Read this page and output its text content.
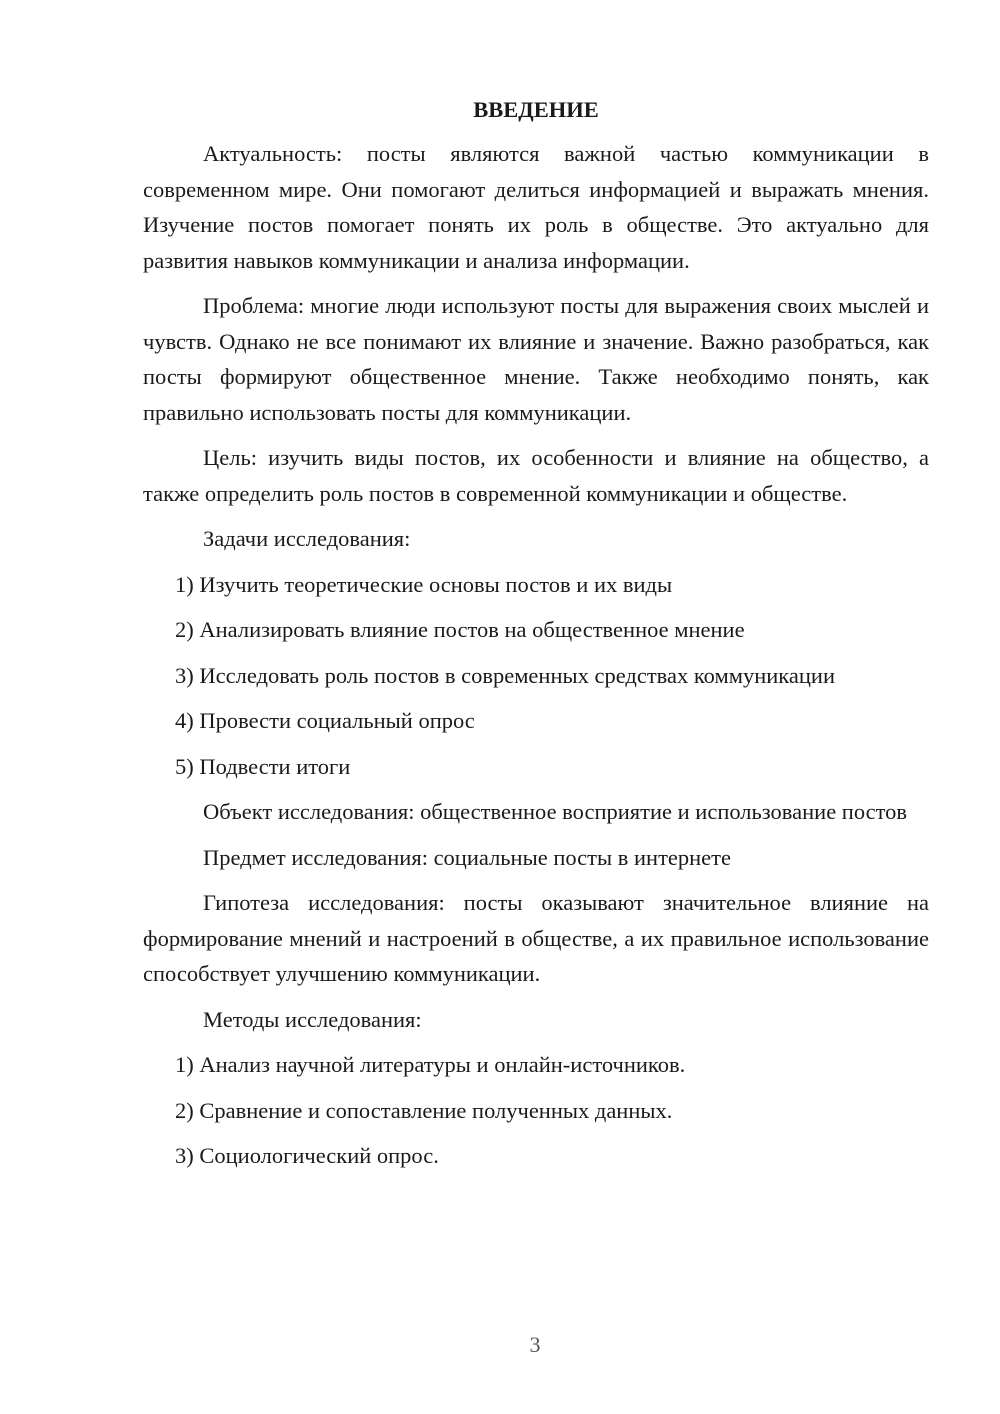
ВВЕДЕНИЕ

Актуальность: посты являются важной частью коммуникации в современном мире. Они помогают делиться информацией и выражать мнения. Изучение постов помогает понять их роль в обществе. Это актуально для развития навыков коммуникации и анализа информации.

Проблема: многие люди используют посты для выражения своих мыслей и чувств. Однако не все понимают их влияние и значение. Важно разобраться, как посты формируют общественное мнение. Также необходимо понять, как правильно использовать посты для коммуникации.

Цель: изучить виды постов, их особенности и влияние на общество, а также определить роль постов в современной коммуникации и обществе.

Задачи исследования:

1) Изучить теоретические основы постов и их виды
2) Анализировать влияние постов на общественное мнение
3) Исследовать роль постов в современных средствах коммуникации
4) Провести социальный опрос
5) Подвести итоги

Объект исследования: общественное восприятие и использование постов

Предмет исследования: социальные посты в интернете

Гипотеза исследования: посты оказывают значительное влияние на формирование мнений и настроений в обществе, а их правильное использование способствует улучшению коммуникации.

Методы исследования:

1) Анализ научной литературы и онлайн-источников.
2) Сравнение и сопоставление полученных данных.
3) Социологический опрос.
3
